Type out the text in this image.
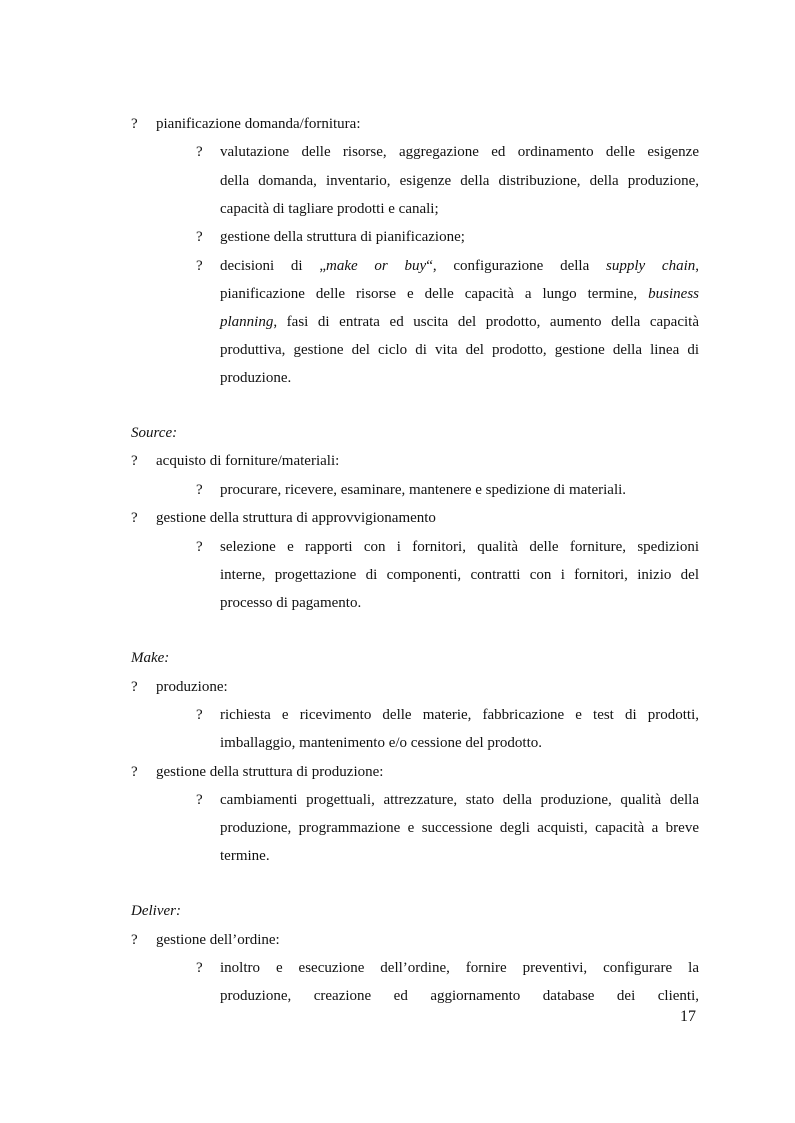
? pianificazione domanda/fornitura:
? valutazione delle risorse, aggregazione ed ordinamento delle esigenze
della domanda, inventario, esigenze della distribuzione, della produzione,
capacità di tagliare prodotti e canali;
? gestione della struttura di pianificazione;
? decisioni di „make or buy“, configurazione della supply chain,
pianificazione delle risorse e delle capacità a lungo termine, business
planning, fasi di entrata ed uscita del prodotto, aumento della capacità
produttiva, gestione del ciclo di vita del prodotto, gestione della linea di
produzione.
Source:
? acquisto di forniture/materiali:
? procurare, ricevere, esaminare, mantenere e spedizione di materiali.
? gestione della struttura di approvvigionamento
? selezione e rapporti con i fornitori, qualità delle forniture, spedizioni
interne, progettazione di componenti, contratti con i fornitori, inizio del
processo di pagamento.
Make:
? produzione:
? richiesta e ricevimento delle materie, fabbricazione e test di prodotti,
imballaggio, mantenimento e/o cessione del prodotto.
? gestione della struttura di produzione:
? cambiamenti progettuali, attrezzature, stato della produzione, qualità della
produzione, programmazione e successione degli acquisti, capacità a breve
termine.
Deliver:
? gestione dell’ordine:
? inoltro e esecuzione dell’ordine, fornire preventivi, configurare la
produzione, creazione ed aggiornamento database dei clienti,
17
